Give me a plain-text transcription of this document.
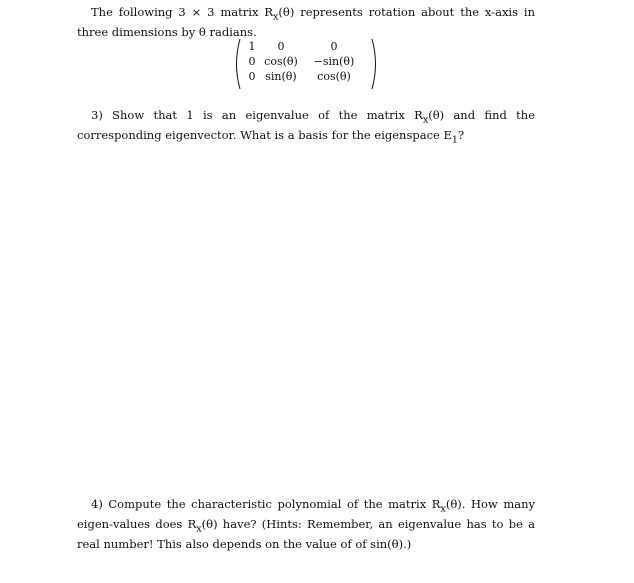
The following 3 × 3 matrix $R_x(\theta)$ represents rotation about the x-axis in three dimensions by θ radians.
1	0	0
0 cos(θ)	−sin(θ)
0 sin(θ)	cos(θ)
3) Show that 1 is an eigenvalue of the matrix $R_x(\theta)$ and find the corresponding eigenvector. What is a basis for the eigenspace $E_1$?
4) Compute the characteristic polynomial of the matrix $R_x(\theta)$. How many eigen-values does $R_x(\theta)$ have? (Hints: Remember, an eigenvalue has to be a real number! This also depends on the value of of sin(θ).)
